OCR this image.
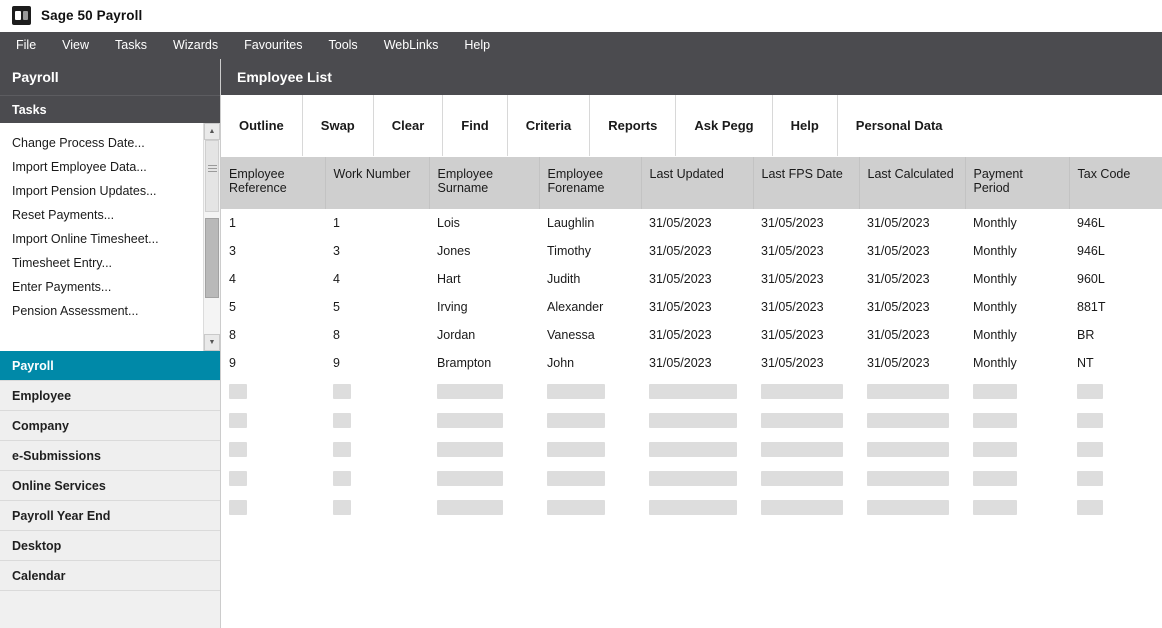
Sage 50 Payroll
File	View	Tasks	Wizards	Favourites	Tools	WebLinks	Help
Payroll
Tasks
Change Process Date...
Import Employee Data...
Import Pension Updates...
Reset Payments...
Import Online Timesheet...
Timesheet Entry...
Enter Payments...
Pension Assessment...
▲
▼
Payroll
Employee
Company
e-Submissions
Online Services
Payroll Year End
Desktop
Calendar
Employee List
Outline	Swap	Clear	Find	Criteria	Reports	Ask Pegg	Help	Personal Data
Employee Reference	Work Number	Employee Surname	Employee Forename	Last Updated	Last FPS Date	Last Calculated	Payment Period	Tax Code
1	1	Lois	Laughlin	31/05/2023	31/05/2023	31/05/2023	Monthly	946L
3	3	Jones	Timothy	31/05/2023	31/05/2023	31/05/2023	Monthly	946L
4	4	Hart	Judith	31/05/2023	31/05/2023	31/05/2023	Monthly	960L
5	5	Irving	Alexander	31/05/2023	31/05/2023	31/05/2023	Monthly	881T
8	8	Jordan	Vanessa	31/05/2023	31/05/2023	31/05/2023	Monthly	BR
9	9	Brampton	John	31/05/2023	31/05/2023	31/05/2023	Monthly	NT
